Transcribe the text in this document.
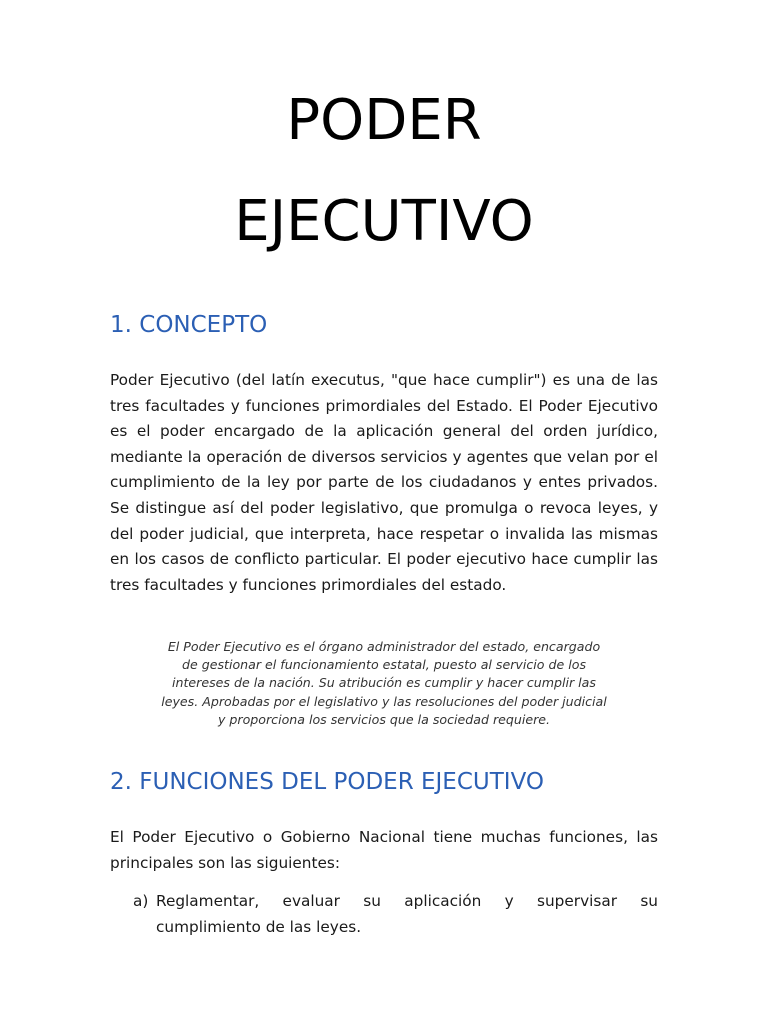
PODER
EJECUTIVO
1. CONCEPTO

Poder Ejecutivo (del latín executus, "que hace cumplir") es una de las tres facultades y funciones primordiales del Estado. El Poder Ejecutivo es el poder encargado de la aplicación general del orden jurídico, mediante la operación de diversos servicios y agentes que velan por el cumplimiento de la ley por parte de los ciudadanos y entes privados. Se distingue así del poder legislativo, que promulga o revoca leyes, y del poder judicial, que interpreta, hace respetar o invalida las mismas en los casos de conflicto particular. El poder ejecutivo hace cumplir las tres facultades y funciones primordiales del estado.

El Poder Ejecutivo es el órgano administrador del estado, encargado de gestionar el funcionamiento estatal, puesto al servicio de los intereses de la nación. Su atribución es cumplir y hacer cumplir las leyes. Aprobadas por el legislativo y las resoluciones del poder judicial y proporciona los servicios que la sociedad requiere.

2. FUNCIONES DEL PODER EJECUTIVO

El Poder Ejecutivo o Gobierno Nacional tiene muchas funciones, las principales son las siguientes:

a) Reglamentar, evaluar su aplicación y supervisar su
cumplimiento de las leyes.
